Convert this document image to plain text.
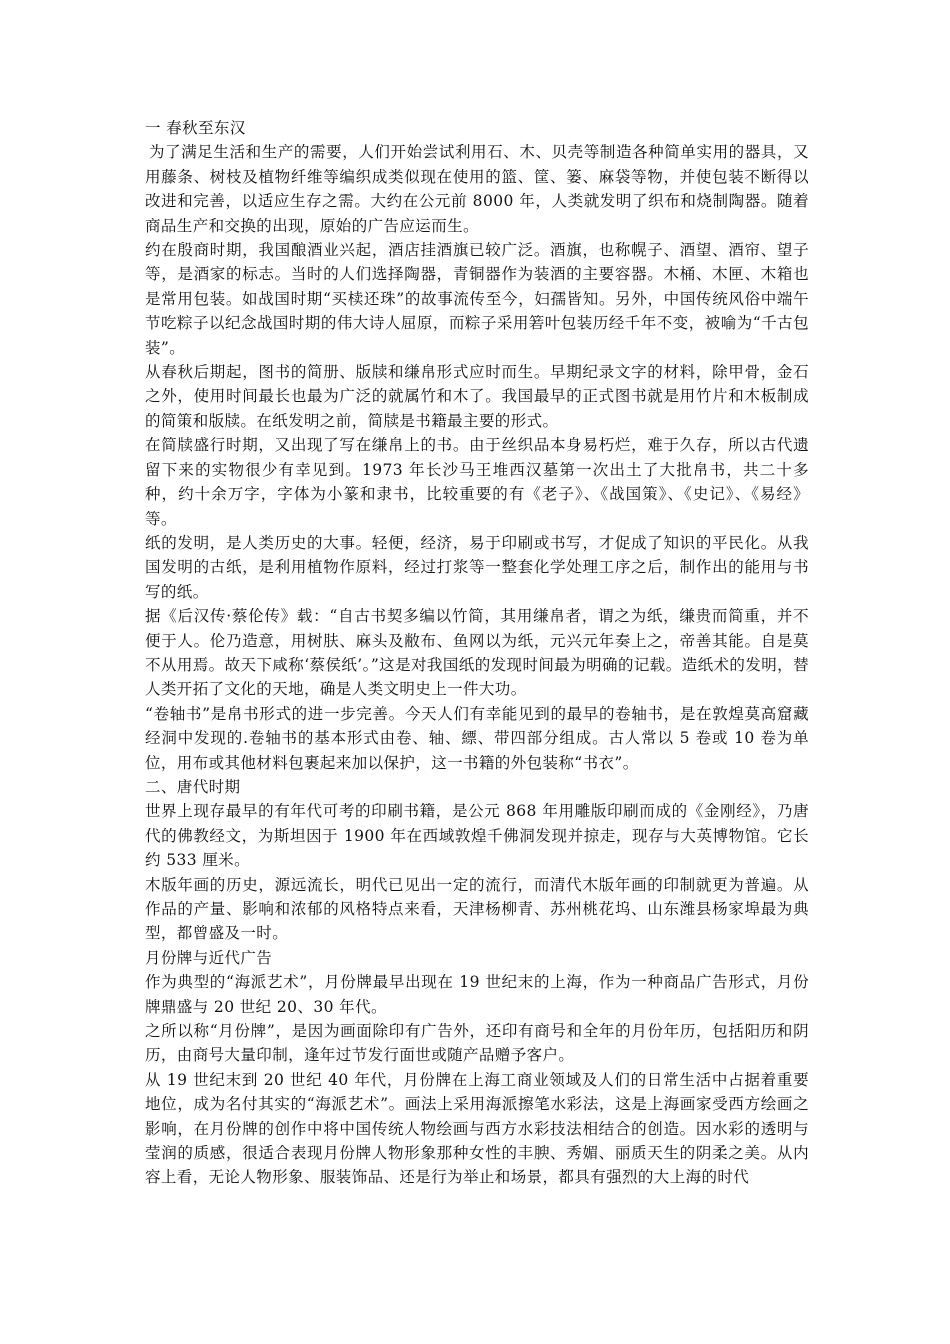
一 春秋至东汉

为了满足生活和生产的需要，人们开始尝试利用石、木、贝壳等制造各种简单实用的器具，又用藤条、树枝及植物纤维等编织成类似现在使用的篮、筐、篓、麻袋等物，并使包装不断得以改进和完善，以适应生存之需。大约在公元前 8000 年，人类就发明了织布和烧制陶器。随着商品生产和交换的出现，原始的广告应运而生。

约在殷商时期，我国酿酒业兴起，酒店挂酒旗已较广泛。酒旗，也称幌子、酒望、酒帘、望子等，是酒家的标志。当时的人们选择陶器，青铜器作为装酒的主要容器。木桶、木匣、木箱也是常用包装。如战国时期“买椟还珠”的故事流传至今，妇孺皆知。另外，中国传统风俗中端午节吃粽子以纪念战国时期的伟大诗人屈原，而粽子采用箬叶包装历经千年不变，被喻为“千古包装”。

从春秋后期起，图书的简册、版牍和缣帛形式应时而生。早期纪录文字的材料，除甲骨，金石之外，使用时间最长也最为广泛的就属竹和木了。我国最早的正式图书就是用竹片和木板制成的简策和版牍。在纸发明之前，简牍是书籍最主要的形式。

在简牍盛行时期，又出现了写在缣帛上的书。由于丝织品本身易朽烂，难于久存，所以古代遗留下来的实物很少有幸见到。1973 年长沙马王堆西汉墓第一次出土了大批帛书，共二十多种，约十余万字，字体为小篆和隶书，比较重要的有《老子》、《战国策》、《史记》、《易经》等。

纸的发明，是人类历史的大事。轻便，经济，易于印刷或书写，才促成了知识的平民化。从我国发明的古纸，是利用植物作原料，经过打浆等一整套化学处理工序之后，制作出的能用与书写的纸。

据《后汉传·蔡伦传》载：“自古书契多编以竹简，其用缣帛者，谓之为纸，缣贵而简重，并不便于人。伦乃造意，用树肤、麻头及敝布、鱼网以为纸，元兴元年奏上之，帝善其能。自是莫不从用焉。故天下咸称‘蔡侯纸’。”这是对我国纸的发现时间最为明确的记载。造纸术的发明，替人类开拓了文化的天地，确是人类文明史上一件大功。

“卷轴书”是帛书形式的进一步完善。今天人们有幸能见到的最早的卷轴书，是在敦煌莫高窟藏经洞中发现的.卷轴书的基本形式由卷、轴、縹、带四部分组成。古人常以 5 卷或 10 卷为单位，用布或其他材料包裹起来加以保护，这一书籍的外包装称“书衣”。

二、唐代时期

世界上现存最早的有年代可考的印刷书籍，是公元 868 年用雕版印刷而成的《金刚经》，乃唐代的佛教经文，为斯坦因于 1900 年在西域敦煌千佛洞发现并掠走，现存与大英博物馆。它长约 533 厘米。

木版年画的历史，源远流长，明代已见出一定的流行，而清代木版年画的印制就更为普遍。从作品的产量、影响和浓郁的风格特点来看，天津杨柳青、苏州桃花坞、山东潍县杨家埠最为典型，都曾盛及一时。

月份牌与近代广告

作为典型的“海派艺术”，月份牌最早出现在 19 世纪末的上海，作为一种商品广告形式，月份牌鼎盛与 20 世纪 20、30 年代。

之所以称“月份牌”，是因为画面除印有广告外，还印有商号和全年的月份年历，包括阳历和阴历，由商号大量印制，逢年过节发行面世或随产品赠予客户。

从 19 世纪末到 20 世纪 40 年代，月份牌在上海工商业领域及人们的日常生活中占据着重要地位，成为名付其实的“海派艺术”。画法上采用海派擦笔水彩法，这是上海画家受西方绘画之影响，在月份牌的创作中将中国传统人物绘画与西方水彩技法相结合的创造。因水彩的透明与莹润的质感，很适合表现月份牌人物形象那种女性的丰腴、秀媚、丽质天生的阴柔之美。从内容上看，无论人物形象、服装饰品、还是行为举止和场景，都具有强烈的大上海的时代
